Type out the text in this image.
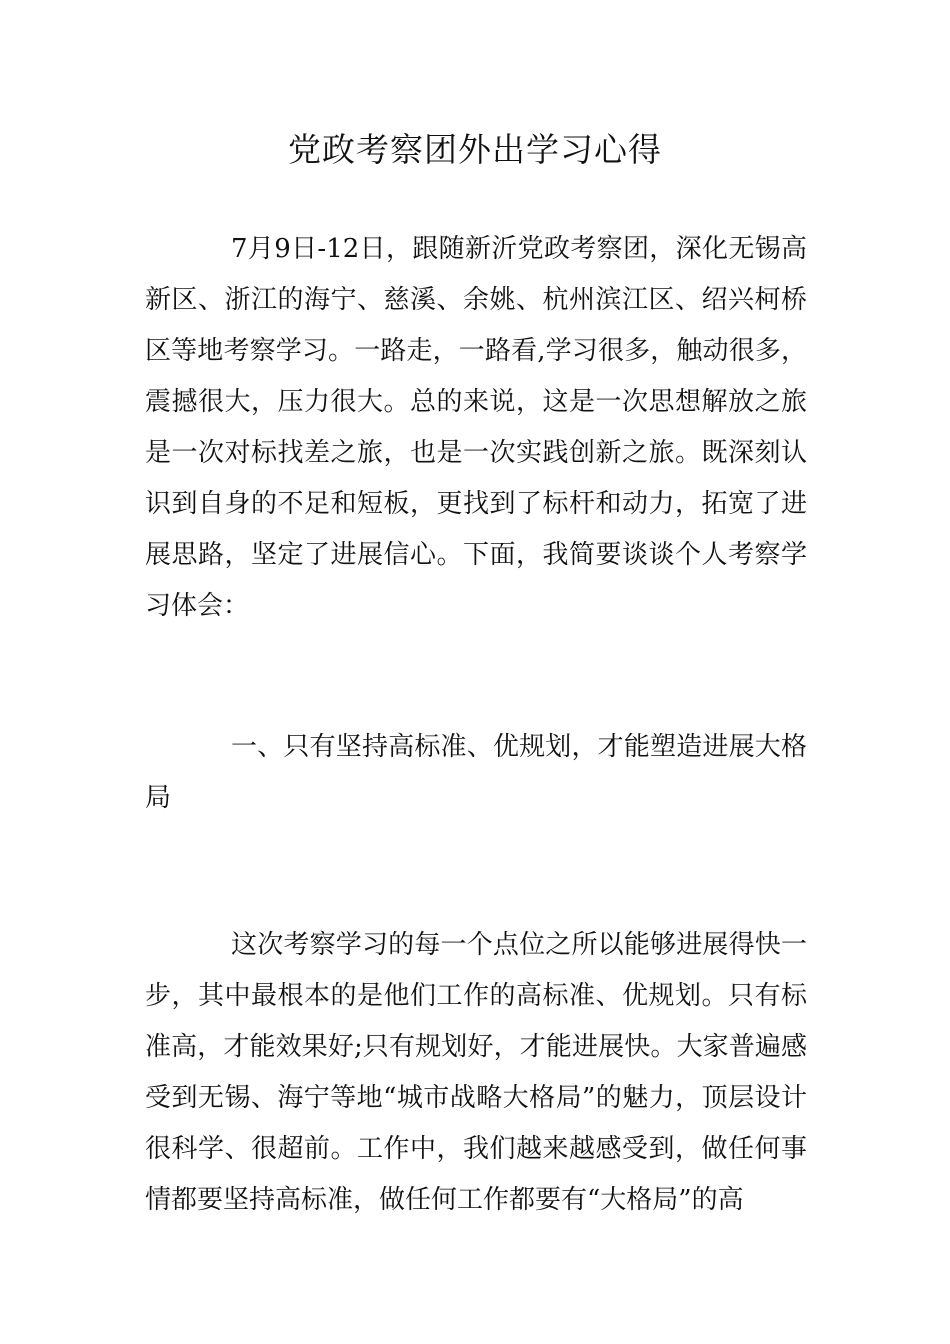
党政考察团外出学习心得

7月9日-12日，跟随新沂党政考察团，深化无锡高新区、浙江的海宁、慈溪、余姚、杭州滨江区、绍兴柯桥区等地考察学习。一路走，一路看,学习很多，触动很多，震撼很大，压力很大。总的来说，这是一次思想解放之旅是一次对标找差之旅，也是一次实践创新之旅。既深刻认识到自身的不足和短板，更找到了标杆和动力，拓宽了进展思路，坚定了进展信心。下面，我简要谈谈个人考察学习体会：

一、只有坚持高标准、优规划，才能塑造进展大格局

这次考察学习的每一个点位之所以能够进展得快一步，其中最根本的是他们工作的高标准、优规划。只有标准高，才能效果好;只有规划好，才能进展快。大家普遍感受到无锡、海宁等地“城市战略大格局”的魅力，顶层设计很科学、很超前。工作中，我们越来越感受到，做任何事情都要坚持高标准，做任何工作都要有“大格局”的高
